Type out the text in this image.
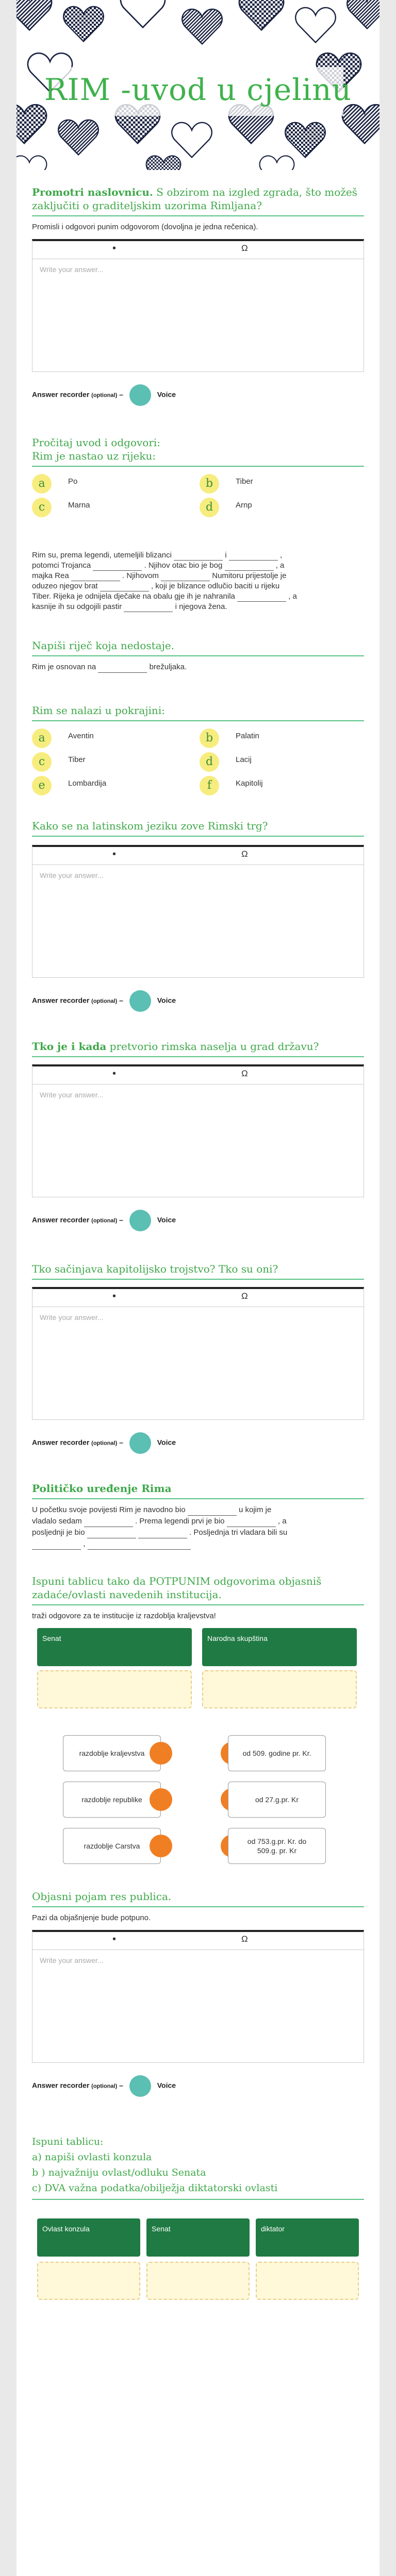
RIM -uvod u cjelinu
Promotri naslovnicu. S obzirom na izgled zgrada, što možeš zaključiti o graditeljskim uzorima Rimljana?
Promisli i odgovori punim odgovorom (dovoljna je jedna rečenica).
•	Ω
Write your answer...
Answer recorder (optional) –	Voice
Pročitaj uvod i odgovori:
Rim je nastao uz rijeku:
a	Po	b	Tiber
c	Marna	d	Arnp
Rim su, prema legendi, utemeljili blizanci	i	,
potomci Trojanca	. Njihov otac bio je bog	, a
majka Rea	. Njihovom	Numitoru prijestolje je
oduzeo njegov brat	, koji je blizance odlučio baciti u rijeku
Tiber. Rijeka je odnijela dječake na obalu gje ih je nahranila	, a
kasnije ih su odgojili pastir	i njegova žena.
Napiši riječ koja nedostaje.
Rim je osnovan na	brežuljaka.
Rim se nalazi u pokrajini:
a	Aventin	b	Palatin
c	Tiber	d	Lacij
e	Lombardija	f	Kapitolij
Kako se na latinskom jeziku zove Rimski trg?
•	Ω
Write your answer...
Answer recorder (optional) –	Voice
Tko je i kada pretvorio rimska naselja u grad državu?
•	Ω
Write your answer...
Answer recorder (optional) –	Voice
Tko sačinjava kapitolijsko trojstvo? Tko su oni?
•	Ω
Write your answer...
Answer recorder (optional) –	Voice
Političko uređenje Rima
U početku svoje povijesti Rim je navodno bio	u kojim je
vladalo sedam	. Prema legendi prvi je bio	, a
posljednji je bio	. Posljednja tri vladara bili su
,
Ispuni tablicu tako da POTPUNIM odgovorima objasniš
zadaće/ovlasti navedenih institucija.
traži odgovore za te institucije iz razdoblja kraljevstva!
Senat	Narodna skupština
razdoblje kraljevstva
razdoblje republike
razdoblje Carstva
od 509. godine pr. Kr.
od 27.g.pr. Kr
od 753.g.pr. Kr. do 509.g. pr. Kr
Objasni pojam res publica.
Pazi da objašnjenje bude potpuno.
•	Ω
Write your answer...
Answer recorder (optional) –	Voice
Ispuni tablicu:
a) napiši ovlasti konzula
b ) najvažniju ovlast/odluku Senata
c) DVA važna podatka/obilježja diktatorski ovlasti
Ovlast konzula	Senat	diktator
